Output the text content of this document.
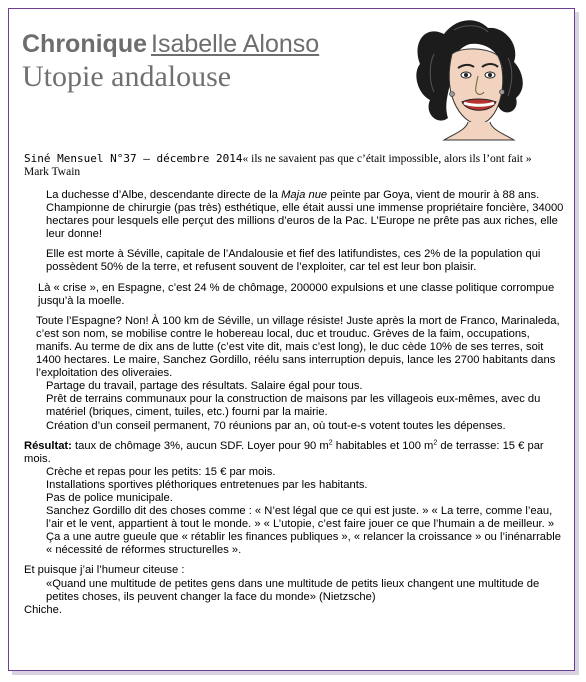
Chronique Isabelle Alonso
Utopie andalouse
Siné Mensuel N°37 – décembre 2014« ils ne savaient pas que c’était impossible, alors ils l’ont fait »
Mark Twain

La duchesse d’Albe, descendante directe de la Maja nue peinte par Goya, vient de mourir à 88 ans. Championne de chirurgie (pas très) esthétique, elle était aussi une immense propriétaire foncière, 34000 hectares pour lesquels elle perçut des millions d’euros de la Pac. L’Europe ne prête pas aux riches, elle leur donne!

Elle est morte à Séville, capitale de l’Andalousie et fief des latifundistes, ces 2% de la population qui possèdent 50% de la terre, et refusent souvent de l’exploiter, car tel est leur bon plaisir.

Là « crise », en Espagne, c’est 24 % de chômage, 200000 expulsions et une classe politique corrompue jusqu’à la moelle.

Toute l’Espagne? Non! À 100 km de Séville, un village résiste! Juste après la mort de Franco, Marinaleda, c’est son nom, se mobilise contre le hobereau local, duc et trouduc. Grèves de la faim, occupations, manifs. Au terme de dix ans de lutte (c’est vite dit, mais c’est long), le duc cède 10% de ses terres, soit 1400 hectares. Le maire, Sanchez Gordillo, réélu sans interruption depuis, lance les 2700 habitants dans l’exploitation des oliveraies.

Partage du travail, partage des résultats. Salaire égal pour tous.

Prêt de terrains communaux pour la construction de maisons par les villageois eux-mêmes, avec du matériel (briques, ciment, tuiles, etc.) fourni par la mairie.

Création d’un conseil permanent, 70 réunions par an, où tout-e-s votent toutes les dépenses.

Résultat: taux de chômage 3%, aucun SDF. Loyer pour 90 $m^2$ habitables et 100 $m^2$ de terrasse: 15 € par mois.

Crèche et repas pour les petits: 15 € par mois.

Installations sportives pléthoriques entretenues par les habitants.

Pas de police municipale.

Sanchez Gordillo dit des choses comme : « N’est légal que ce qui est juste. » « La terre, comme l’eau, l’air et le vent, appartient à tout le monde. » « L’utopie, c’est faire jouer ce que l’humain a de meilleur. »

Ça a une autre gueule que « rétablir les finances publiques », « relancer la croissance » ou l’inénarrable « nécessité de réformes structurelles ».

Et puisque j’ai l’humeur citeuse :

«Quand une multitude de petites gens dans une multitude de petits lieux changent une multitude de petites choses, ils peuvent changer la face du monde» (Nietzsche)

Chiche.
